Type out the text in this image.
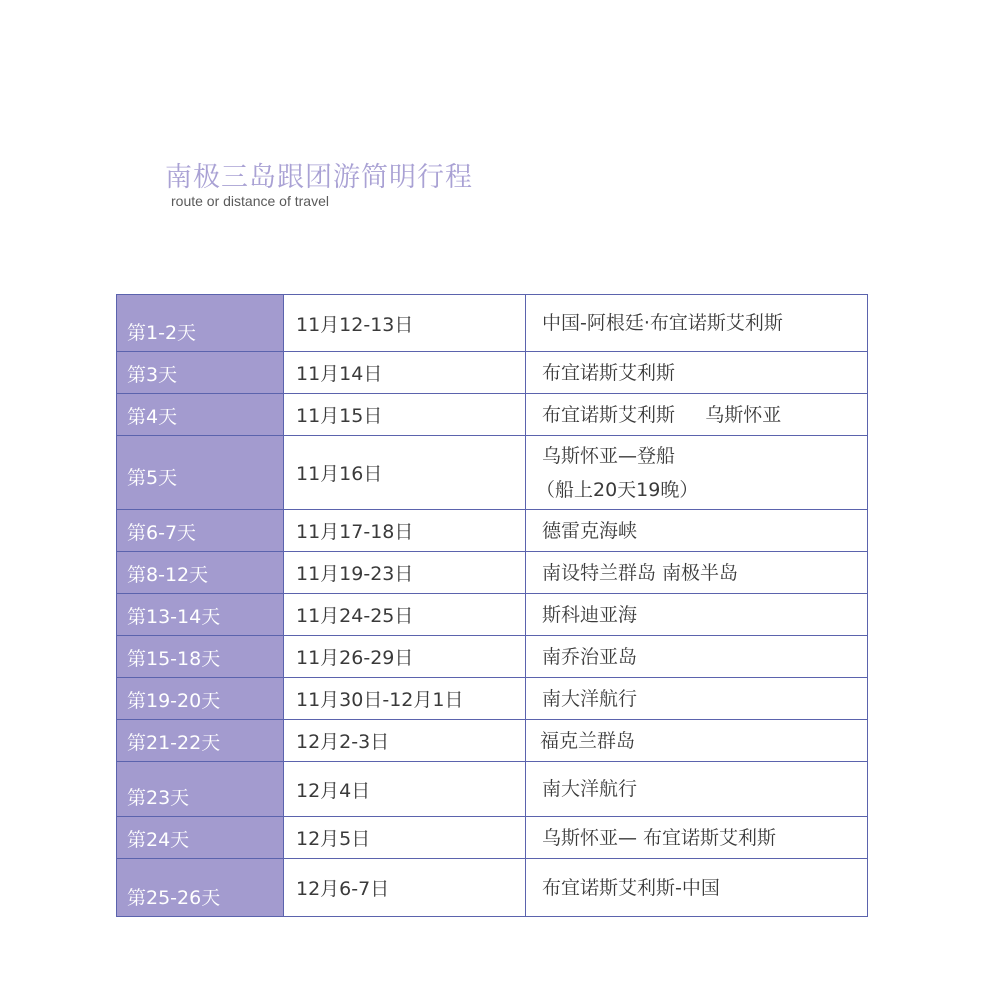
南极三岛跟团游简明行程
route or distance of travel
第1-2天	11月12-13日	中国-阿根廷·布宜诺斯艾利斯

第3天	11月14日	布宜诺斯艾利斯

第4天	11月15日	布宜诺斯艾利斯     乌斯怀亚

第5天	11月16日	乌斯怀亚—登船
（船上20天19晚）

第6-7天	11月17-18日	德雷克海峡

第8-12天	11月19-23日	南设特兰群岛 南极半岛

第13-14天	11月24-25日	斯科迪亚海

第15-18天	11月26-29日	南乔治亚岛

第19-20天	11月30日-12月1日	南大洋航行

第21-22天	12月2-3日	福克兰群岛

第23天	12月4日	南大洋航行

第24天	12月5日	乌斯怀亚— 布宜诺斯艾利斯

第25-26天	12月6-7日	布宜诺斯艾利斯-中国
